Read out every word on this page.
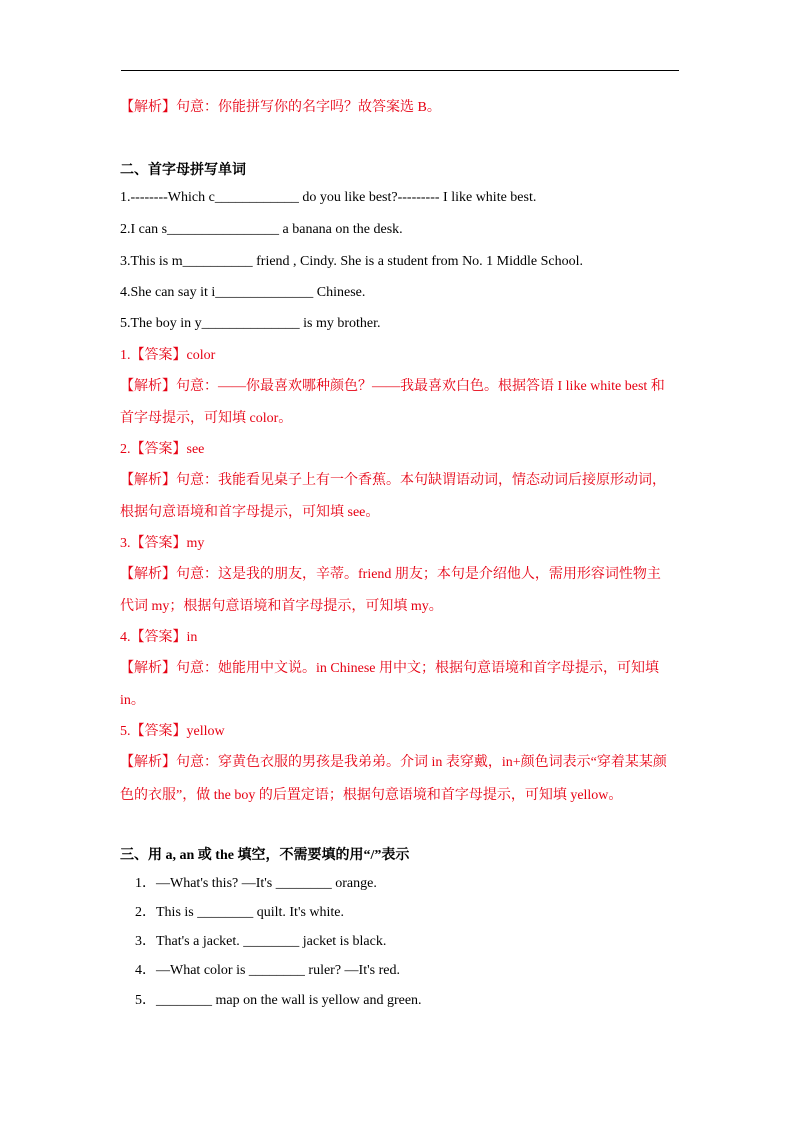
【解析】句意：你能拼写你的名字吗？故答案选 B。
二、首字母拼写单词
1.--------Which c____________ do you like best?--------- I like white best.
2.I can s________________ a banana on the desk.
3.This is m__________ friend , Cindy. She is a student from No. 1 Middle School.
4.She can say it i______________ Chinese.
5.The boy in y______________ is my brother.
1.【答案】color
【解析】句意：——你最喜欢哪种颜色？——我最喜欢白色。根据答语 I like white best 和
首字母提示，可知填 color。
2.【答案】see
【解析】句意：我能看见桌子上有一个香蕉。本句缺谓语动词，情态动词后接原形动词，
根据句意语境和首字母提示，可知填 see。
3.【答案】my
【解析】句意：这是我的朋友，辛蒂。friend 朋友；本句是介绍他人，需用形容词性物主
代词 my；根据句意语境和首字母提示，可知填 my。
4.【答案】in
【解析】句意：她能用中文说。in Chinese 用中文；根据句意语境和首字母提示，可知填
in。
5.【答案】yellow
【解析】句意：穿黄色衣服的男孩是我弟弟。介词 in 表穿戴，in+颜色词表示“穿着某某颜
色的衣服”，做 the boy 的后置定语；根据句意语境和首字母提示，可知填 yellow。
三、用 a, an 或 the 填空，不需要填的用“/”表示
1．—What's this? —It's ________ orange.
2．This is ________ quilt. It's white.
3．That's a jacket. ________ jacket is black.
4．—What color is ________ ruler? —It's red.
5．________ map on the wall is yellow and green.
